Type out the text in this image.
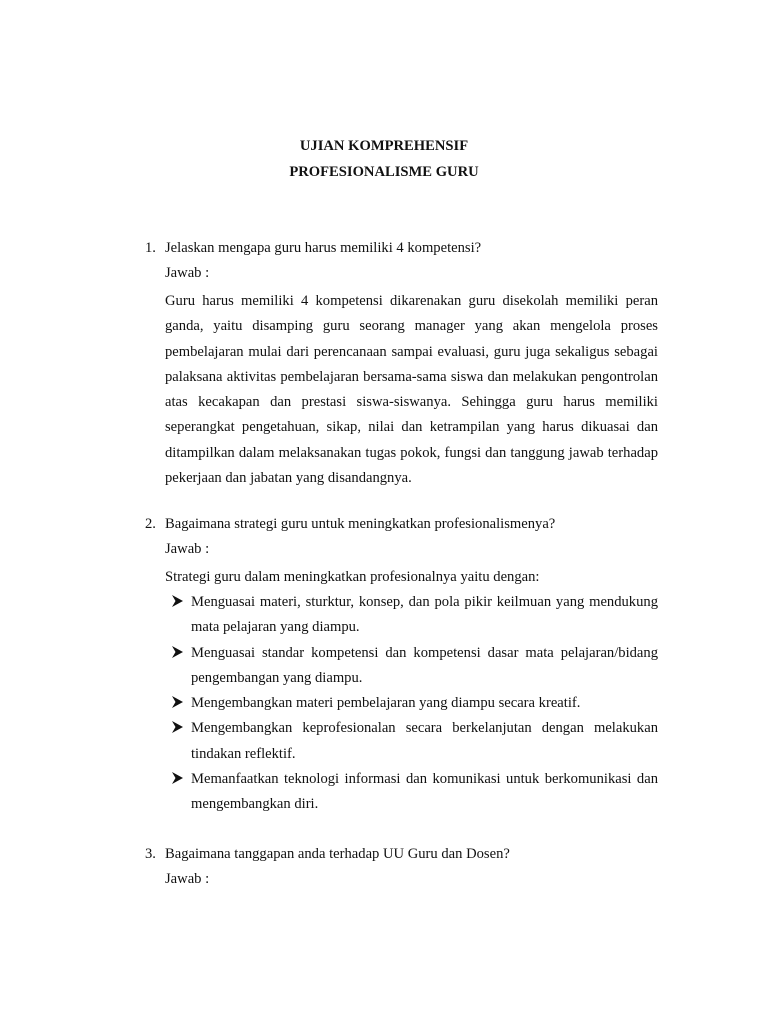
UJIAN KOMPREHENSIF
PROFESIONALISME GURU
1. Jelaskan mengapa guru harus memiliki 4 kompetensi?
Jawab :
Guru harus memiliki 4 kompetensi dikarenakan guru disekolah memiliki peran ganda, yaitu disamping guru seorang manager yang akan mengelola proses pembelajaran mulai dari perencanaan sampai evaluasi, guru juga sekaligus sebagai palaksana aktivitas pembelajaran bersama-sama siswa dan melakukan pengontrolan atas kecakapan dan prestasi siswa-siswanya. Sehingga guru harus memiliki seperangkat pengetahuan, sikap, nilai dan ketrampilan yang harus dikuasai dan ditampilkan dalam melaksanakan tugas pokok, fungsi dan tanggung jawab terhadap pekerjaan dan jabatan yang disandangnya.
2. Bagaimana strategi guru untuk meningkatkan profesionalismenya?
Jawab :
Strategi guru dalam meningkatkan profesionalnya yaitu dengan:
Menguasai materi, sturktur, konsep, dan pola pikir keilmuan yang mendukung mata pelajaran yang diampu.
Menguasai standar kompetensi dan kompetensi dasar mata pelajaran/bidang pengembangan yang diampu.
Mengembangkan materi pembelajaran yang diampu secara kreatif.
Mengembangkan keprofesionalan secara berkelanjutan dengan melakukan tindakan reflektif.
Memanfaatkan teknologi informasi dan komunikasi untuk berkomunikasi dan mengembangkan diri.
3. Bagaimana tanggapan anda terhadap UU Guru dan Dosen?
Jawab :
